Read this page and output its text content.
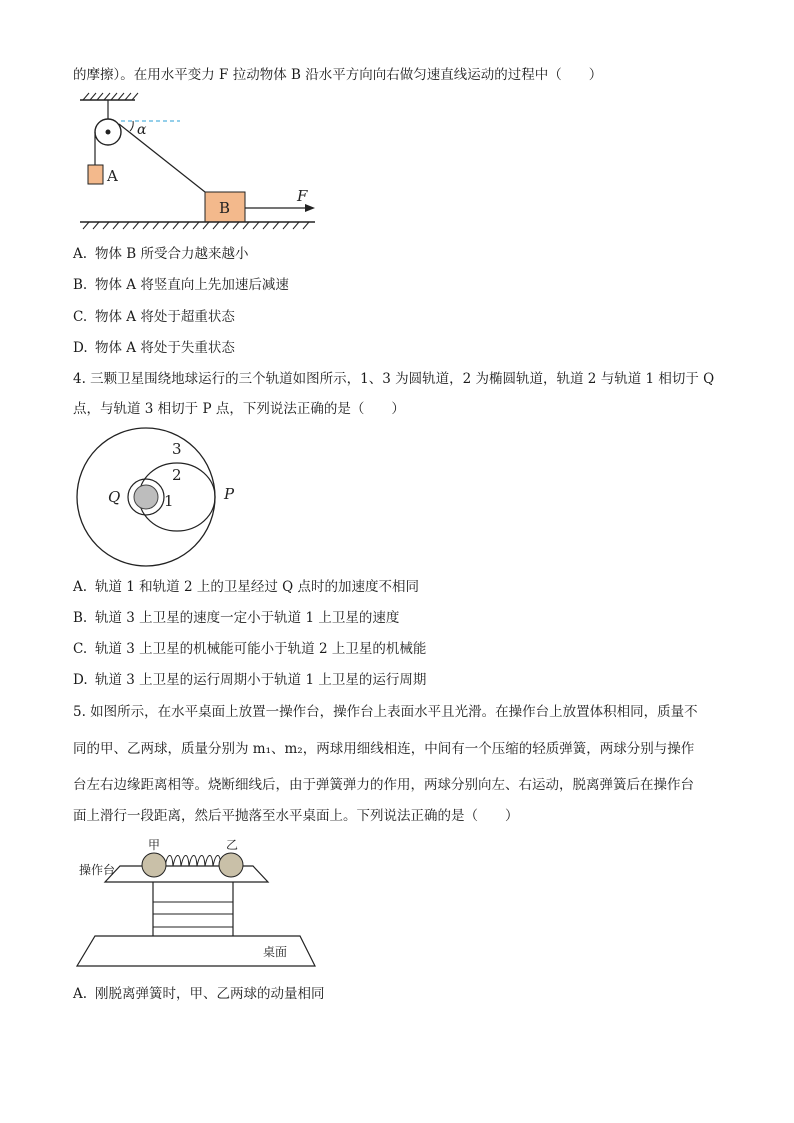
的摩擦）。在用水平变力 F 拉动物体 B 沿水平方向向右做匀速直线运动的过程中（　　）
A
α
B
F
A. 物体 B 所受合力越来越小
B. 物体 A 将竖直向上先加速后减速
C. 物体 A 将处于超重状态
D. 物体 A 将处于失重状态
4. 三颗卫星围绕地球运行的三个轨道如图所示，1、3 为圆轨道，2 为椭圆轨道，轨道 2 与轨道 1 相切于 Q
点，与轨道 3 相切于 P 点，下列说法正确的是（　　）
3
2
1
Q	P
A. 轨道 1 和轨道 2 上的卫星经过 Q 点时的加速度不相同
B. 轨道 3 上卫星的速度一定小于轨道 1 上卫星的速度
C. 轨道 3 上卫星的机械能可能小于轨道 2 上卫星的机械能
D. 轨道 3 上卫星的运行周期小于轨道 1 上卫星的运行周期
5. 如图所示，在水平桌面上放置一操作台，操作台上表面水平且光滑。在操作台上放置体积相同，质量不
同的甲、乙两球，质量分别为 m₁、m₂，两球用细线相连，中间有一个压缩的轻质弹簧，两球分别与操作
台左右边缘距离相等。烧断细线后，由于弹簧弹力的作用，两球分别向左、右运动，脱离弹簧后在操作台
面上滑行一段距离，然后平抛落至水平桌面上。下列说法正确的是（　　）
甲	乙
操作台
桌面
A. 刚脱离弹簧时，甲、乙两球的动量相同
